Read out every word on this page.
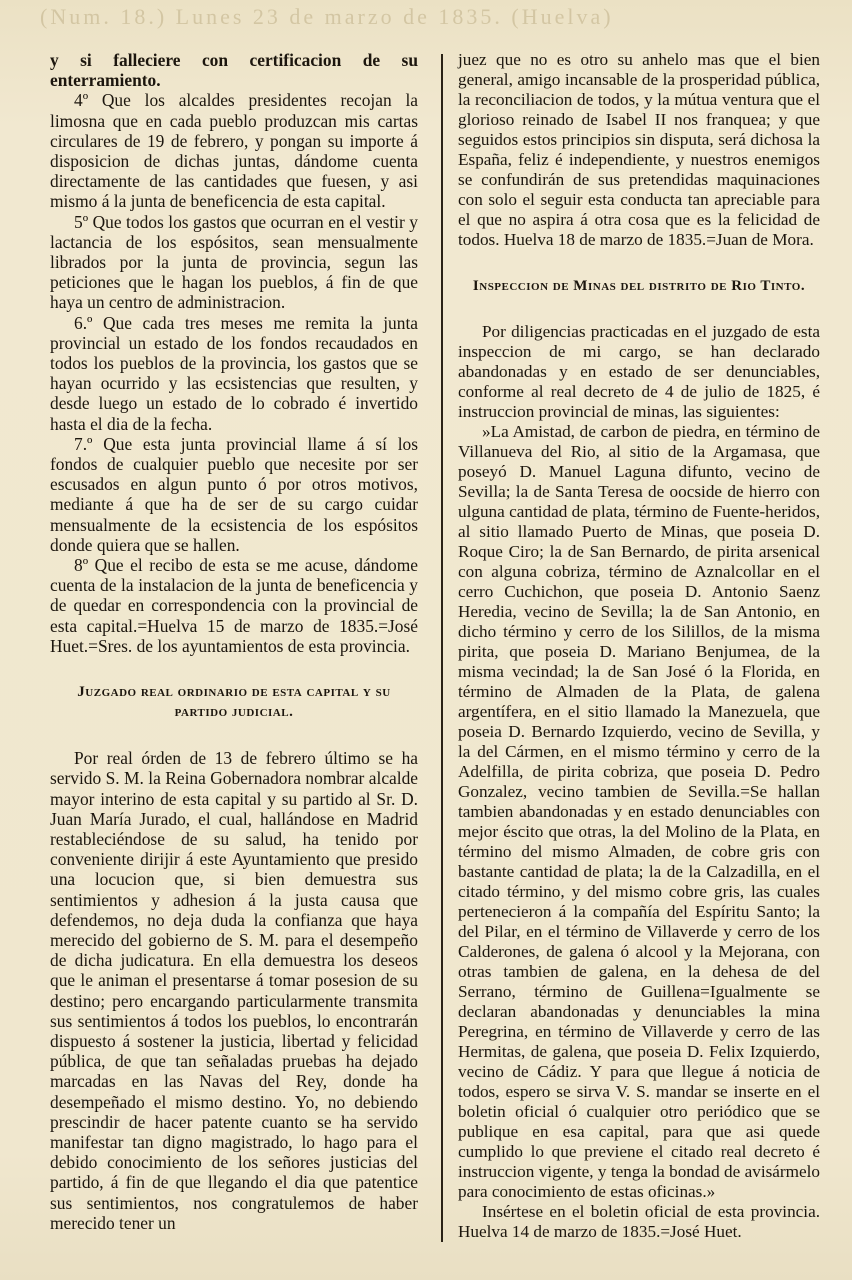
(Num. 18.) Lunes 23 de marzo de 1835. (Huelva)

y si falleciere con certificacion de su enterramiento.

4º Que los alcaldes presidentes recojan la limosna que en cada pueblo produzcan mis cartas circulares de 19 de febrero, y pongan su importe á disposicion de dichas juntas, dándome cuenta directamente de las cantidades que fuesen, y asi mismo á la junta de beneficencia de esta capital.

5º Que todos los gastos que ocurran en el vestir y lactancia de los espósitos, sean mensualmente librados por la junta de provincia, segun las peticiones que le hagan los pueblos, á fin de que haya un centro de administracion.

6.º Que cada tres meses me remita la junta provincial un estado de los fondos recaudados en todos los pueblos de la provincia, los gastos que se hayan ocurrido y las ecsistencias que resulten, y desde luego un estado de lo cobrado é invertido hasta el dia de la fecha.

7.º Que esta junta provincial llame á sí los fondos de cualquier pueblo que necesite por ser escusados en algun punto ó por otros motivos, mediante á que ha de ser de su cargo cuidar mensualmente de la ecsistencia de los espósitos donde quiera que se hallen.

8º Que el recibo de esta se me acuse, dándome cuenta de la instalacion de la junta de beneficencia y de quedar en correspondencia con la provincial de esta capital.=Huelva 15 de marzo de 1835.=José Huet.=Sres. de los ayuntamientos de esta provincia.

Juzgado real ordinario de esta capital y su
partido judicial.

Por real órden de 13 de febrero último se ha servido S. M. la Reina Gobernadora nombrar alcalde mayor interino de esta capital y su partido al Sr. D. Juan María Jurado, el cual, hallándose en Madrid restableciéndose de su salud, ha tenido por conveniente dirijir á este Ayuntamiento que presido una locucion que, si bien demuestra sus sentimientos y adhesion á la justa causa que defendemos, no deja duda la confianza que haya merecido del gobierno de S. M. para el desempeño de dicha judicatura. En ella demuestra los deseos que le animan el presentarse á tomar posesion de su destino; pero encargando particularmente transmita sus sentimientos á todos los pueblos, lo encontrarán dispuesto á sostener la justicia, libertad y felicidad pública, de que tan señaladas pruebas ha dejado marcadas en las Navas del Rey, donde ha desempeñado el mismo destino. Yo, no debiendo prescindir de hacer patente cuanto se ha servido manifestar tan digno magistrado, lo hago para el debido conocimiento de los señores justicias del partido, á fin de que llegando el dia que patentice sus sentimientos, nos congratulemos de haber merecido tener un

juez que no es otro su anhelo mas que el bien general, amigo incansable de la prosperidad pública, la reconciliacion de todos, y la mútua ventura que el glorioso reinado de Isabel II nos franquea; y que seguidos estos principios sin disputa, será dichosa la España, feliz é independiente, y nuestros enemigos se confundirán de sus pretendidas maquinaciones con solo el seguir esta conducta tan apreciable para el que no aspira á otra cosa que es la felicidad de todos. Huelva 18 de marzo de 1835.=Juan de Mora.

Inspeccion de Minas del distrito de Rio Tinto.

Por diligencias practicadas en el juzgado de esta inspeccion de mi cargo, se han declarado abandonadas y en estado de ser denunciables, conforme al real decreto de 4 de julio de 1825, é instruccion provincial de minas, las siguientes:

»La Amistad, de carbon de piedra, en término de Villanueva del Rio, al sitio de la Argamasa, que poseyó D. Manuel Laguna difunto, vecino de Sevilla; la de Santa Teresa de oocside de hierro con ulguna cantidad de plata, término de Fuente-heridos, al sitio llamado Puerto de Minas, que poseia D. Roque Ciro; la de San Bernardo, de pirita arsenical con alguna cobriza, término de Aznalcollar en el cerro Cuchichon, que poseia D. Antonio Saenz Heredia, vecino de Sevilla; la de San Antonio, en dicho término y cerro de los Silillos, de la misma pirita, que poseia D. Mariano Benjumea, de la misma vecindad; la de San José ó la Florida, en término de Almaden de la Plata, de galena argentífera, en el sitio llamado la Manezuela, que poseia D. Bernardo Izquierdo, vecino de Sevilla, y la del Cármen, en el mismo término y cerro de la Adelfilla, de pirita cobriza, que poseia D. Pedro Gonzalez, vecino tambien de Sevilla.=Se hallan tambien abandonadas y en estado denunciables con mejor éscito que otras, la del Molino de la Plata, en término del mismo Almaden, de cobre gris con bastante cantidad de plata; la de la Calzadilla, en el citado término, y del mismo cobre gris, las cuales pertenecieron á la compañía del Espíritu Santo; la del Pilar, en el término de Villaverde y cerro de los Calderones, de galena ó alcool y la Mejorana, con otras tambien de galena, en la dehesa de del Serrano, término de Guillena=Igualmente se declaran abandonadas y denunciables la mina Peregrina, en término de Villaverde y cerro de las Hermitas, de galena, que poseia D. Felix Izquierdo, vecino de Cádiz. Y para que llegue á noticia de todos, espero se sirva V. S. mandar se inserte en el boletin oficial ó cualquier otro periódico que se publique en esa capital, para que asi quede cumplido lo que previene el citado real decreto é instruccion vigente, y tenga la bondad de avisármelo para conocimiento de estas oficinas.»

Insértese en el boletin oficial de esta provincia. Huelva 14 de marzo de 1835.=José Huet.
